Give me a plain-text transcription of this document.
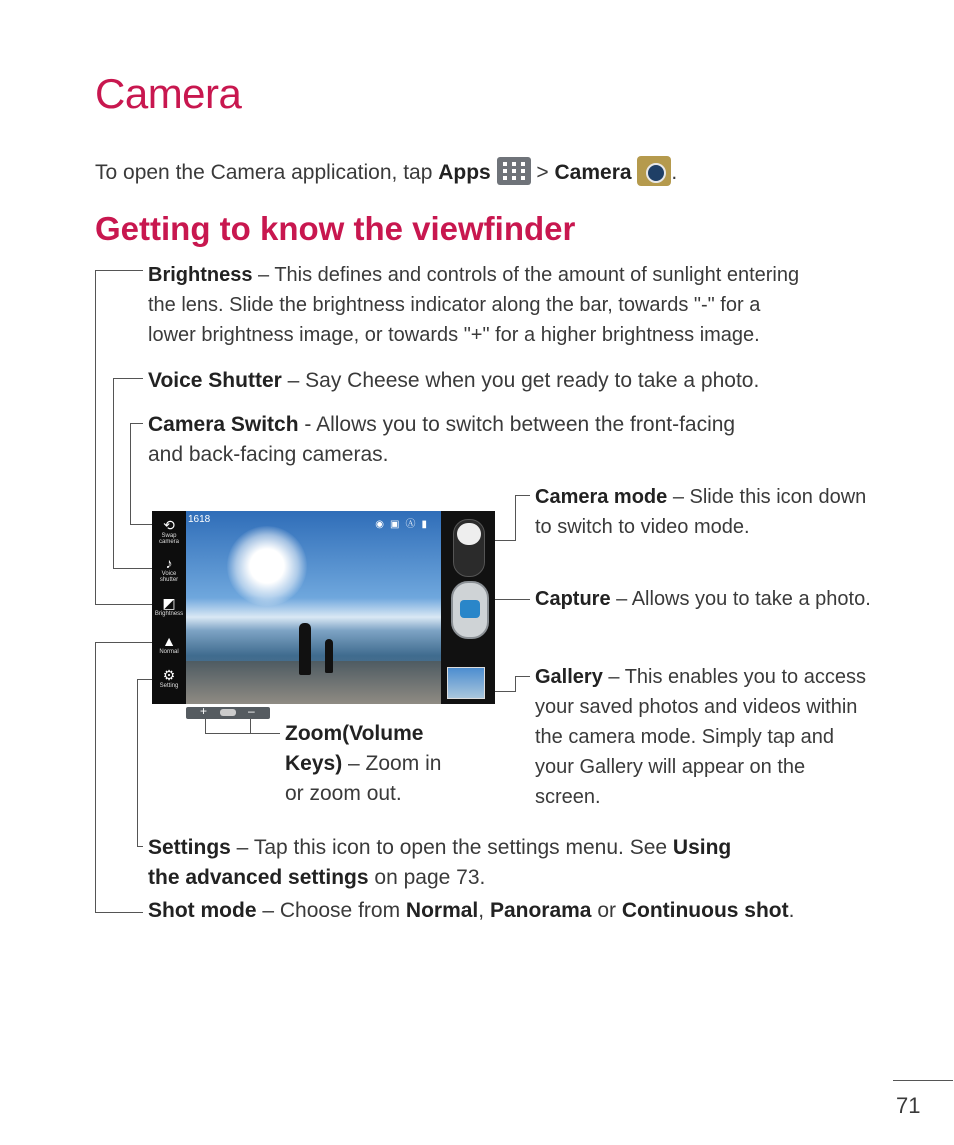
Camera
To open the Camera application, tap Apps
> Camera .
Getting to know the viewfinder
Brightness – This defines and controls of the amount of sunlight entering
the lens. Slide the brightness indicator along the bar, towards "-" for a
lower brightness image, or towards "+" for a higher brightness image.
Voice Shutter – Say Cheese when you get ready to take a photo.
Camera Switch - Allows you to switch between the front-facing
and back-facing cameras.
Camera mode – Slide this icon down
to switch to video mode.
Capture – Allows you to take a photo.
Gallery – This enables you to access
your saved photos and videos within
the camera mode. Simply tap and
your Gallery will appear on the
screen.
Zoom(Volume
Keys) – Zoom in
or zoom out.
Settings – Tap this icon to open the settings menu. See Using
the advanced settings on page 73.
Shot mode – Choose from Normal, Panorama or Continuous shot.
1618	◉▣Ⓐ▮
⟲
Swap camera
♪
Voice shutter
◩
Brightness
▲
Normal
⚙
Setting
+	–
71
